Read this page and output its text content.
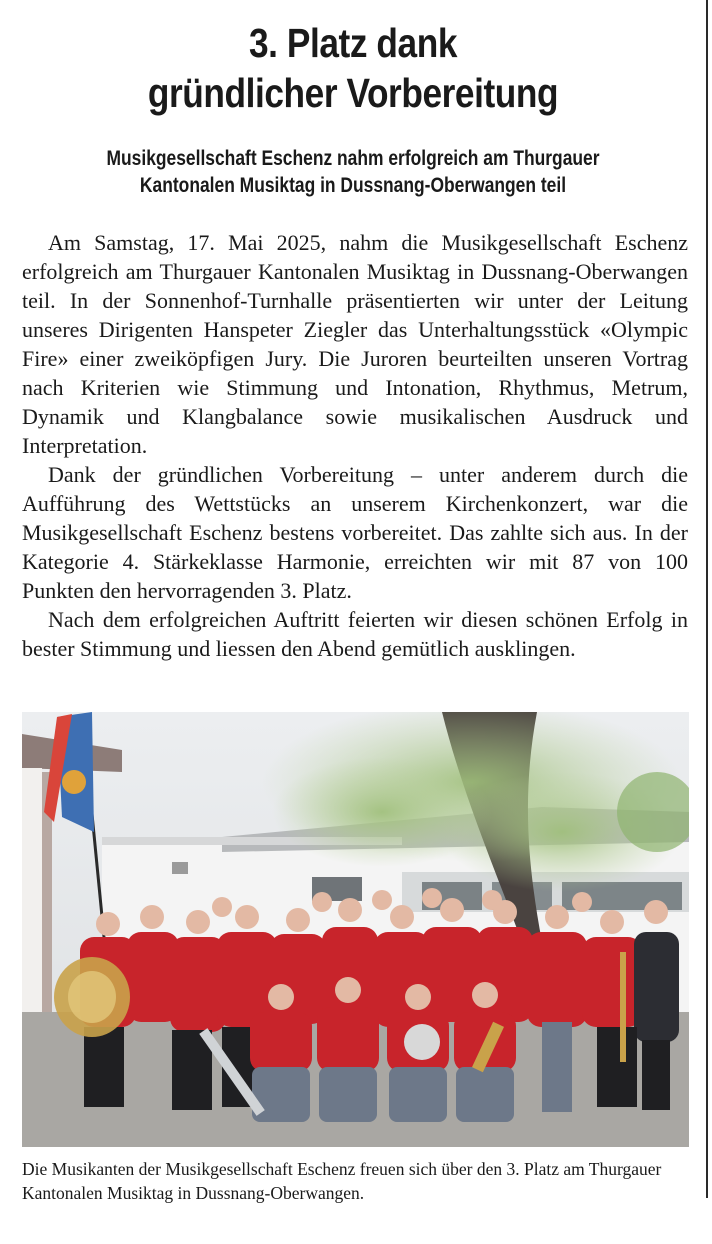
3. Platz dank
gründlicher Vorbereitung
Musikgesellschaft Eschenz nahm erfolgreich am Thurgauer
Kantonalen Musiktag in Dussnang-Oberwangen teil

Am Samstag, 17. Mai 2025, nahm die Musikgesellschaft Eschenz erfolgreich am Thurgauer Kantonalen Musiktag in Dussnang-Oberwangen teil. In der Sonnenhof-Turnhalle präsentierten wir unter der Leitung unseres Dirigenten Hanspeter Ziegler das Unterhaltungsstück «Olympic Fire» einer zweiköpfigen Jury. Die Juroren beurteilten unseren Vortrag nach Kriterien wie Stimmung und Intonation, Rhythmus, Metrum, Dynamik und Klangbalance sowie musikalischen Ausdruck und Interpretation.

Dank der gründlichen Vorbereitung – unter anderem durch die Aufführung des Wettstücks an unserem Kirchenkonzert, war die Musikgesellschaft Eschenz bestens vorbereitet. Das zahlte sich aus. In der Kategorie 4. Stärkeklasse Harmonie, erreichten wir mit 87 von 100 Punkten den hervorragenden 3. Platz.

Nach dem erfolgreichen Auftritt feierten wir diesen schönen Erfolg in bester Stimmung und liessen den Abend gemütlich ausklingen.

Die Musikanten der Musikgesellschaft Eschenz freuen sich über den 3. Platz am Thurgauer Kantonalen Musiktag in Dussnang-Oberwangen.
